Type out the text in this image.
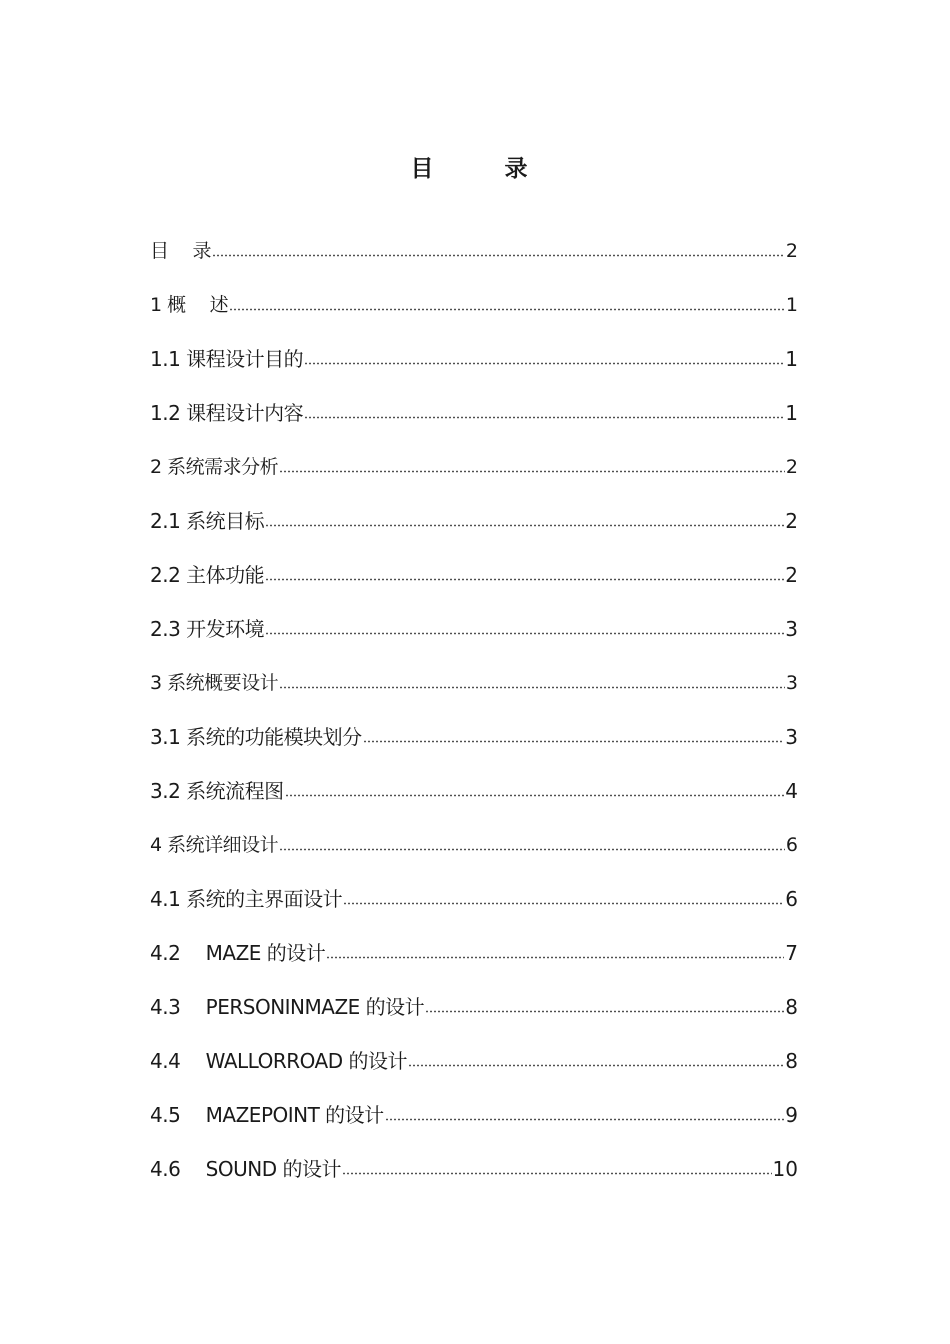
目　录
目　 录	2
1 概　 述	1
1.1 课程设计目的	1
1.2 课程设计内容	1
2 系统需求分析	2
2.1 系统目标	2
2.2 主体功能	2
2.3 开发环境	3
3 系统概要设计	3
3.1 系统的功能模块划分	3
3.2 系统流程图	4
4 系统详细设计	6
4.1 系统的主界面设计	6
4.2　 MAZE 的设计	7
4.3　 PERSONINMAZE 的设计	8
4.4　 WALLORROAD 的设计	8
4.5　 MAZEPOINT 的设计	9
4.6　 SOUND 的设计	10
